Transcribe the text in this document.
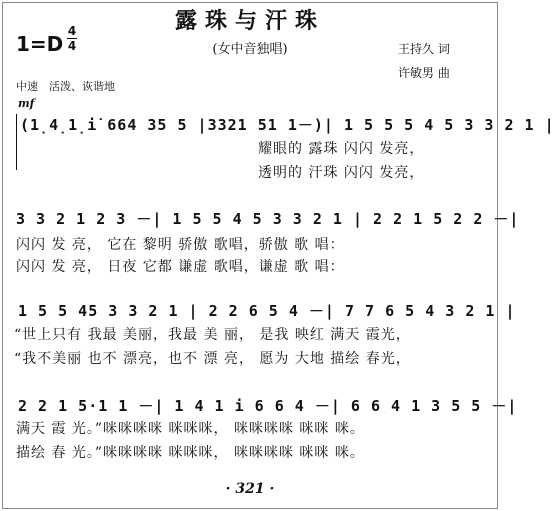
露珠与汗珠
(女中音独唱)
1=D
4
4	王持久 词
许敏男 曲
中速　活泼、诙谐地
mf
(1̣4̣1̣i̇ 664 35 5 |3321 51 1－)| 1 5 5 5 4 5 3 3 2 1 |
耀眼的 露珠 闪闪 发亮，
透明的 汗珠 闪闪 发亮，
3 3 2 1 2 3 －| 1 5 5 4 5 3 3 2 1 | 2 2 1 5 2 2 －|
闪闪 发 亮， 它在 黎明 骄傲 歌唱，骄傲 歌 唱：
闪闪 发 亮， 日夜 它都 谦虚 歌唱，谦虚 歌 唱：
1 5 5 45 3 3 2 1 | 2 2 6 5 4 －| 7 7 6 5 4 3 2 1 |
“世上只有 我最 美丽，我最 美 丽， 是我 映红 满天 霞光，
“我不美丽 也不 漂亮，也不 漂 亮， 愿为 大地 描绘 春光，
2 2 1 5·1 1 －| 1 4 1 i 6 6 4 －| 6 6 4 1 3 5 5 －|
满天 霞 光。”咪咪咪咪 咪咪咪， 咪咪咪咪 咪咪 咪。
描绘 春 光。”咪咪咪咪 咪咪咪， 咪咪咪咪 咪咪 咪。
· 321 ·
